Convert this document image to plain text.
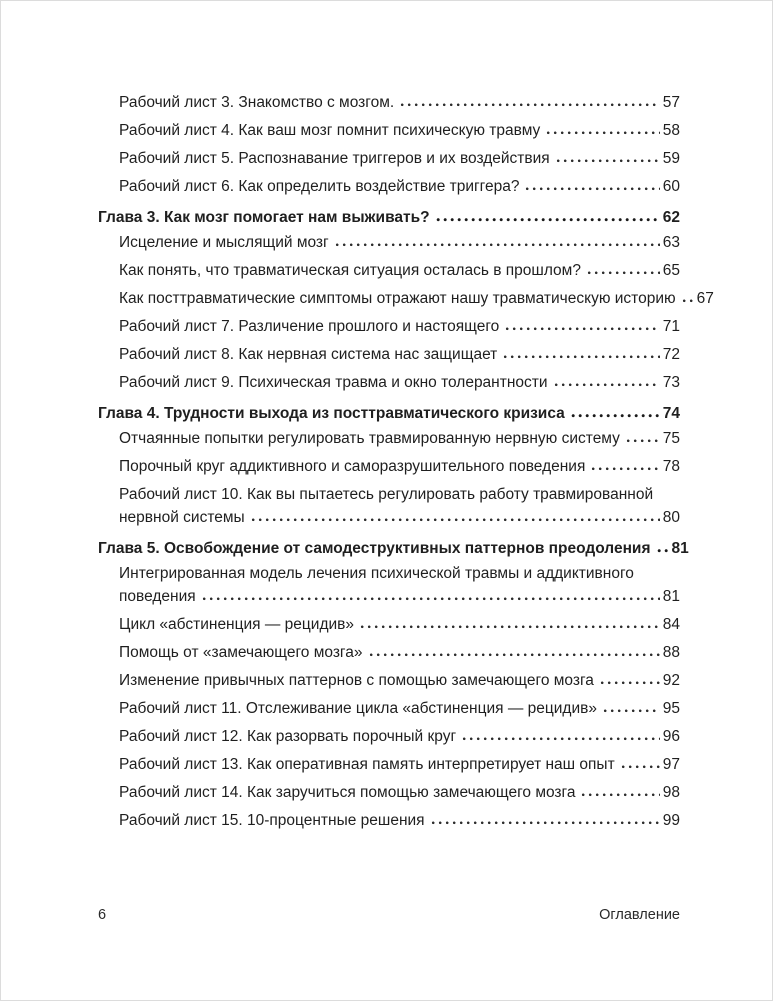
Рабочий лист 3. Знакомство с мозгом.	57
Рабочий лист 4. Как ваш мозг помнит психическую травму	58
Рабочий лист 5. Распознавание триггеров и их воздействия	59
Рабочий лист 6. Как определить воздействие триггера?	60
Глава 3. Как мозг помогает нам выживать?	62
Исцеление и мыслящий мозг	63
Как понять, что травматическая ситуация осталась в прошлом?	65
Как посттравматические симптомы отражают нашу травматическую историю 67
Рабочий лист 7. Различение прошлого и настоящего	71
Рабочий лист 8. Как нервная система нас защищает	72
Рабочий лист 9. Психическая травма и окно толерантности	73
Глава 4. Трудности выхода из посттравматического кризиса	74
Отчаянные попытки регулировать травмированную нервную систему	75
Порочный круг аддиктивного и саморазрушительного поведения	78
Рабочий лист 10. Как вы пытаетесь регулировать работу травмированной
нервной системы	80
Глава 5. Освобождение от самодеструктивных паттернов преодоления 81
Интегрированная модель лечения психической травмы и аддиктивного
поведения	81
Цикл «абстиненция — рецидив»	84
Помощь от «замечающего мозга»	88
Изменение привычных паттернов с помощью замечающего мозга	92
Рабочий лист 11. Отслеживание цикла «абстиненция — рецидив»	95
Рабочий лист 12. Как разорвать порочный круг	96
Рабочий лист 13. Как оперативная память интерпретирует наш опыт	97
Рабочий лист 14. Как заручиться помощью замечающего мозга	98
Рабочий лист 15. 10-процентные решения	99
6	Оглавление
